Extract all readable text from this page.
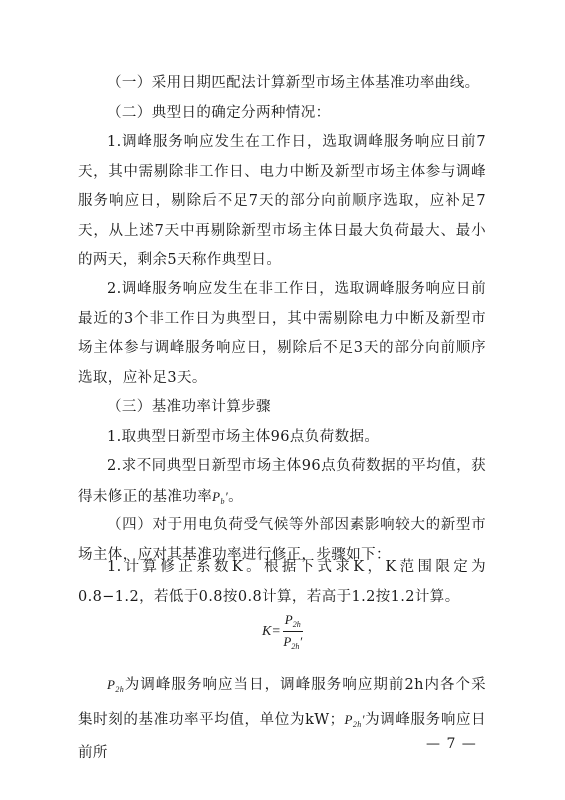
（一）采用日期匹配法计算新型市场主体基准功率曲线。
（二）典型日的确定分两种情况：
1.调峰服务响应发生在工作日，选取调峰服务响应日前7天，其中需剔除非工作日、电力中断及新型市场主体参与调峰服务响应日，剔除后不足7天的部分向前顺序选取，应补足7天，从上述7天中再剔除新型市场主体日最大负荷最大、最小的两天，剩余5天称作典型日。
2.调峰服务响应发生在非工作日，选取调峰服务响应日前最近的3个非工作日为典型日，其中需剔除电力中断及新型市场主体参与调峰服务响应日，剔除后不足3天的部分向前顺序选取，应补足3天。
（三）基准功率计算步骤
1.取典型日新型市场主体96点负荷数据。
2.求不同典型日新型市场主体96点负荷数据的平均值，获得未修正的基准功率$P_b'$。
（四）对于用电负荷受气候等外部因素影响较大的新型市场主体，应对其基准功率进行修正，步骤如下：
1.计算修正系数K。根据下式求K，K范围限定为0.8−1.2，若低于0.8按0.8计算，若高于1.2按1.2计算。
$K= \frac{P_{2h}}{P_{2h}'}$
$P_{2h}$为调峰服务响应当日，调峰服务响应期前2h内各个采集时刻的基准功率平均值，单位为kW；$P_{2h}'$为调峰服务响应日前所
— 7 —
